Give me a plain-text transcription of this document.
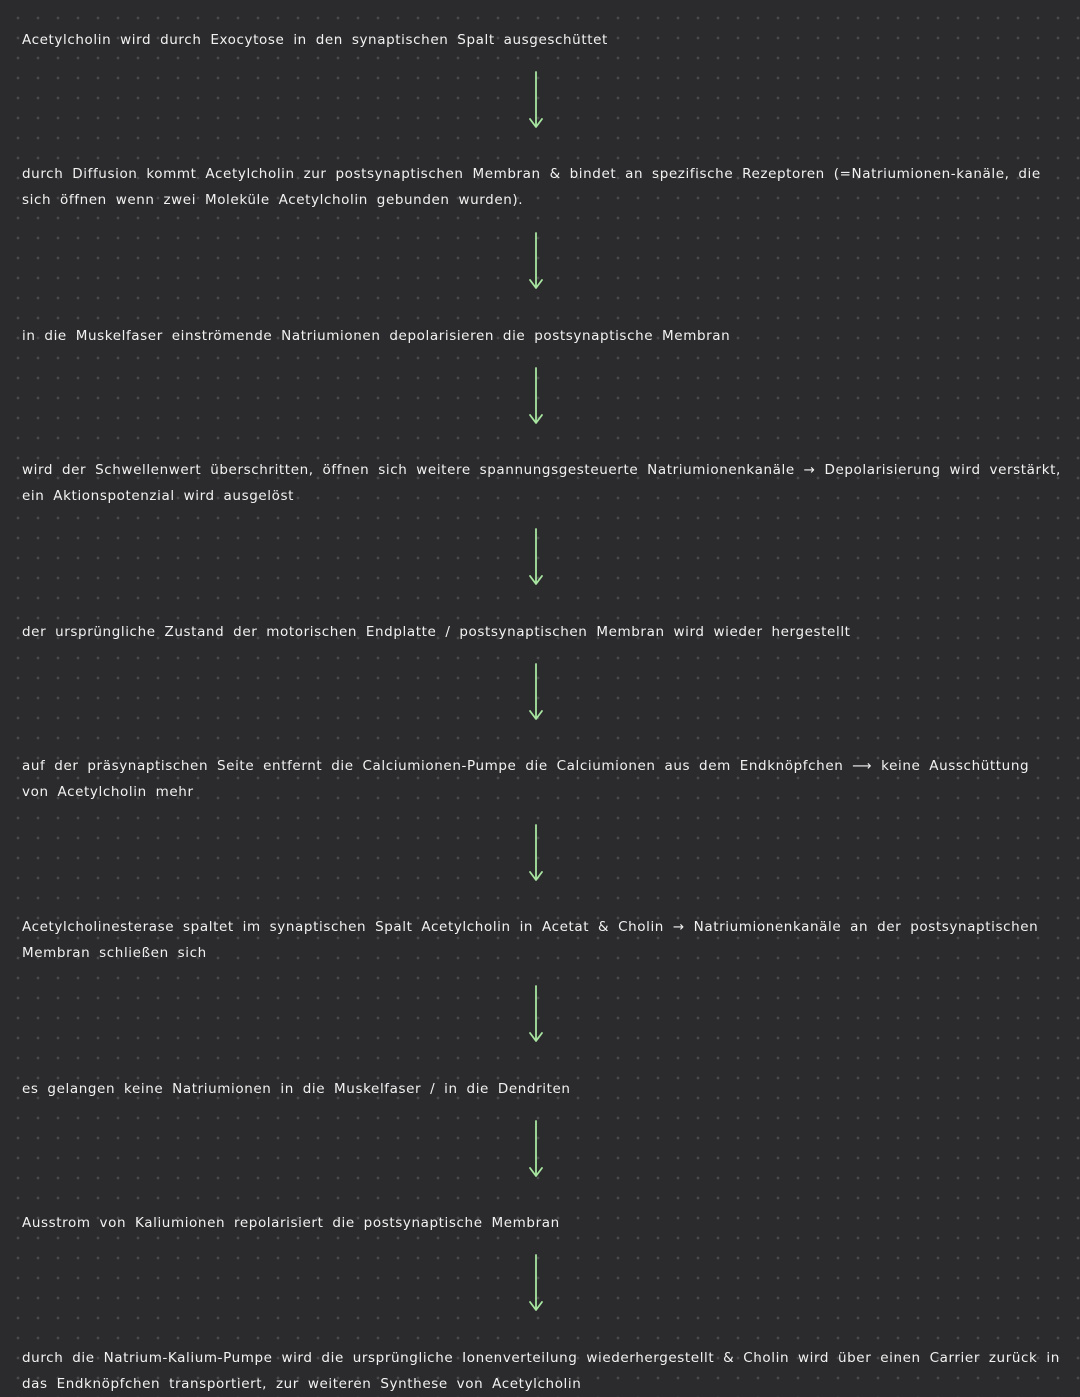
Acetylcholin wird durch Exocytose in den synaptischen Spalt ausgeschüttet
durch Diffusion kommt Acetylcholin zur postsynaptischen Membran & bindet an spezifische Rezeptoren (=Natriumionen-kanäle, die sich öffnen wenn zwei Moleküle Acetylcholin gebunden wurden).
in die Muskelfaser einströmende Natriumionen depolarisieren die postsynaptische Membran
wird der Schwellenwert überschritten, öffnen sich weitere spannungsgesteuerte Natriumionenkanäle → Depolarisierung wird verstärkt, ein Aktionspotenzial wird ausgelöst
der ursprüngliche Zustand der motorischen Endplatte / postsynaptischen Membran wird wieder hergestellt
auf der präsynaptischen Seite entfernt die Calciumionen-Pumpe die Calciumionen aus dem Endknöpfchen ⟶ keine Ausschüttung von Acetylcholin mehr
Acetylcholinesterase spaltet im synaptischen Spalt Acetylcholin in Acetat & Cholin → Natriumionenkanäle an der postsynaptischen Membran schließen sich
es gelangen keine Natriumionen in die Muskelfaser / in die Dendriten
Ausstrom von Kaliumionen repolarisiert die postsynaptische Membran
durch die Natrium-Kalium-Pumpe wird die ursprüngliche Ionenverteilung wiederhergestellt & Cholin wird über einen Carrier zurück in das Endknöpfchen transportiert, zur weiteren Synthese von Acetylcholin
